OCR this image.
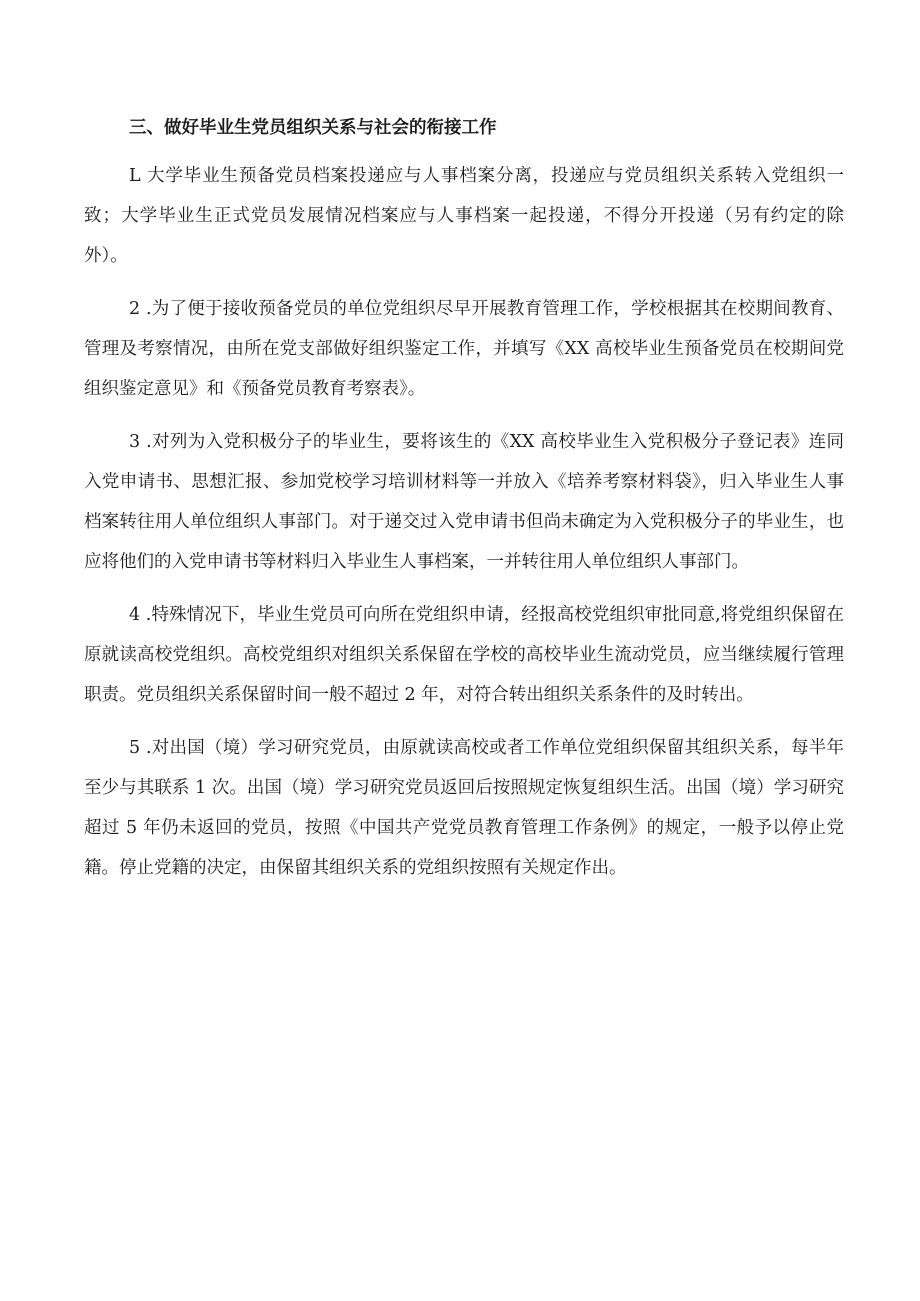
三、做好毕业生党员组织关系与社会的衔接工作

L 大学毕业生预备党员档案投递应与人事档案分离，投递应与党员组织关系转入党组织一致；大学毕业生正式党员发展情况档案应与人事档案一起投递，不得分开投递（另有约定的除外）。

2 .为了便于接收预备党员的单位党组织尽早开展教育管理工作，学校根据其在校期间教育、管理及考察情况，由所在党支部做好组织鉴定工作，并填写《XX 高校毕业生预备党员在校期间党组织鉴定意见》和《预备党员教育考察表》。

3 .对列为入党积极分子的毕业生，要将该生的《XX 高校毕业生入党积极分子登记表》连同入党申请书、思想汇报、参加党校学习培训材料等一并放入《培养考察材料袋》，归入毕业生人事档案转往用人单位组织人事部门。对于递交过入党申请书但尚未确定为入党积极分子的毕业生，也应将他们的入党申请书等材料归入毕业生人事档案，一并转往用人单位组织人事部门。

4 .特殊情况下，毕业生党员可向所在党组织申请，经报高校党组织审批同意,将党组织保留在原就读高校党组织。高校党组织对组织关系保留在学校的高校毕业生流动党员，应当继续履行管理职责。党员组织关系保留时间一般不超过 2 年，对符合转出组织关系条件的及时转出。

5 .对出国（境）学习研究党员，由原就读高校或者工作单位党组织保留其组织关系，每半年至少与其联系 1 次。出国（境）学习研究党员返回后按照规定恢复组织生活。出国（境）学习研究超过 5 年仍未返回的党员，按照《中国共产党党员教育管理工作条例》的规定，一般予以停止党籍。停止党籍的决定，由保留其组织关系的党组织按照有关规定作出。
